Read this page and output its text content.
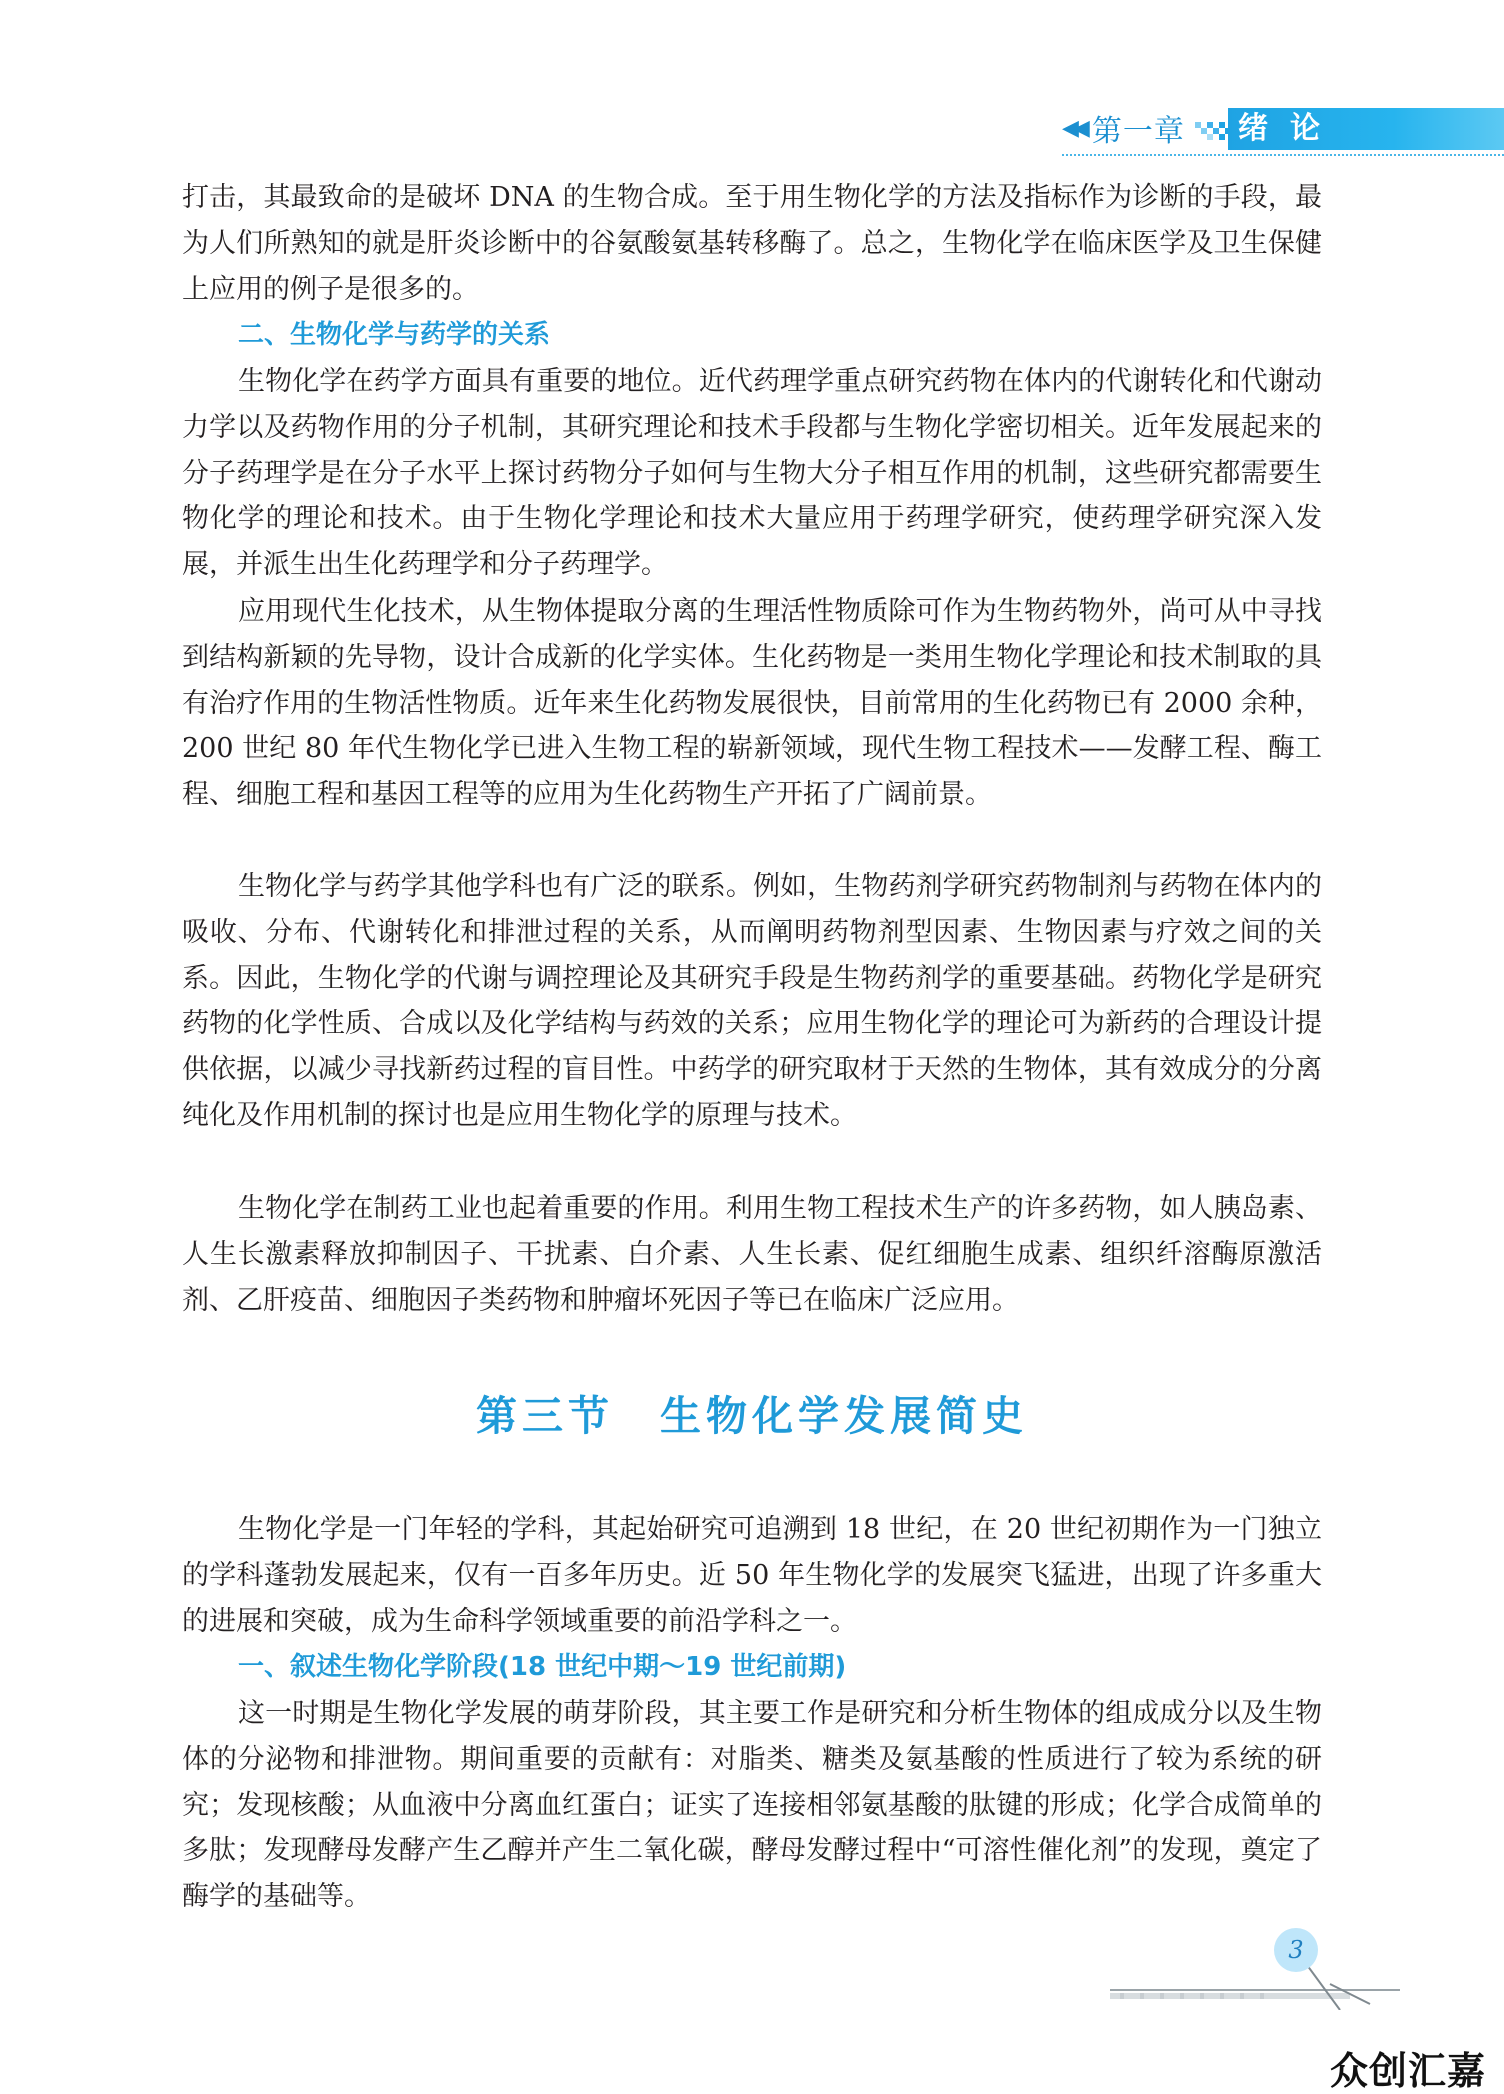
◀◀ 第一章 绪论

打击，其最致命的是破坏 DNA 的生物合成。至于用生物化学的方法及指标作为诊断的手段，最为人们所熟知的就是肝炎诊断中的谷氨酸氨基转移酶了。总之，生物化学在临床医学及卫生保健上应用的例子是很多的。

二、生物化学与药学的关系

生物化学在药学方面具有重要的地位。近代药理学重点研究药物在体内的代谢转化和代谢动力学以及药物作用的分子机制，其研究理论和技术手段都与生物化学密切相关。近年发展起来的分子药理学是在分子水平上探讨药物分子如何与生物大分子相互作用的机制，这些研究都需要生物化学的理论和技术。由于生物化学理论和技术大量应用于药理学研究，使药理学研究深入发展，并派生出生化药理学和分子药理学。

应用现代生化技术，从生物体提取分离的生理活性物质除可作为生物药物外，尚可从中寻找到结构新颖的先导物，设计合成新的化学实体。生化药物是一类用生物化学理论和技术制取的具有治疗作用的生物活性物质。近年来生化药物发展很快，目前常用的生化药物已有 2000 余种，200 世纪 80 年代生物化学已进入生物工程的崭新领域，现代生物工程技术——发酵工程、酶工程、细胞工程和基因工程等的应用为生化药物生产开拓了广阔前景。

生物化学与药学其他学科也有广泛的联系。例如，生物药剂学研究药物制剂与药物在体内的吸收、分布、代谢转化和排泄过程的关系，从而阐明药物剂型因素、生物因素与疗效之间的关系。因此，生物化学的代谢与调控理论及其研究手段是生物药剂学的重要基础。药物化学是研究药物的化学性质、合成以及化学结构与药效的关系；应用生物化学的理论可为新药的合理设计提供依据，以减少寻找新药过程的盲目性。中药学的研究取材于天然的生物体，其有效成分的分离纯化及作用机制的探讨也是应用生物化学的原理与技术。

生物化学在制药工业也起着重要的作用。利用生物工程技术生产的许多药物，如人胰岛素、人生长激素释放抑制因子、干扰素、白介素、人生长素、促红细胞生成素、组织纤溶酶原激活剂、乙肝疫苗、细胞因子类药物和肿瘤坏死因子等已在临床广泛应用。

第三节　生物化学发展简史

生物化学是一门年轻的学科，其起始研究可追溯到 18 世纪，在 20 世纪初期作为一门独立的学科蓬勃发展起来，仅有一百多年历史。近 50 年生物化学的发展突飞猛进，出现了许多重大的进展和突破，成为生命科学领域重要的前沿学科之一。

一、叙述生物化学阶段(18 世纪中期～19 世纪前期)

这一时期是生物化学发展的萌芽阶段，其主要工作是研究和分析生物体的组成成分以及生物体的分泌物和排泄物。期间重要的贡献有：对脂类、糖类及氨基酸的性质进行了较为系统的研究；发现核酸；从血液中分离血红蛋白；证实了连接相邻氨基酸的肽键的形成；化学合成简单的多肽；发现酵母发酵产生乙醇并产生二氧化碳，酵母发酵过程中“可溶性催化剂”的发现，奠定了酶学的基础等。

3
众创汇嘉
